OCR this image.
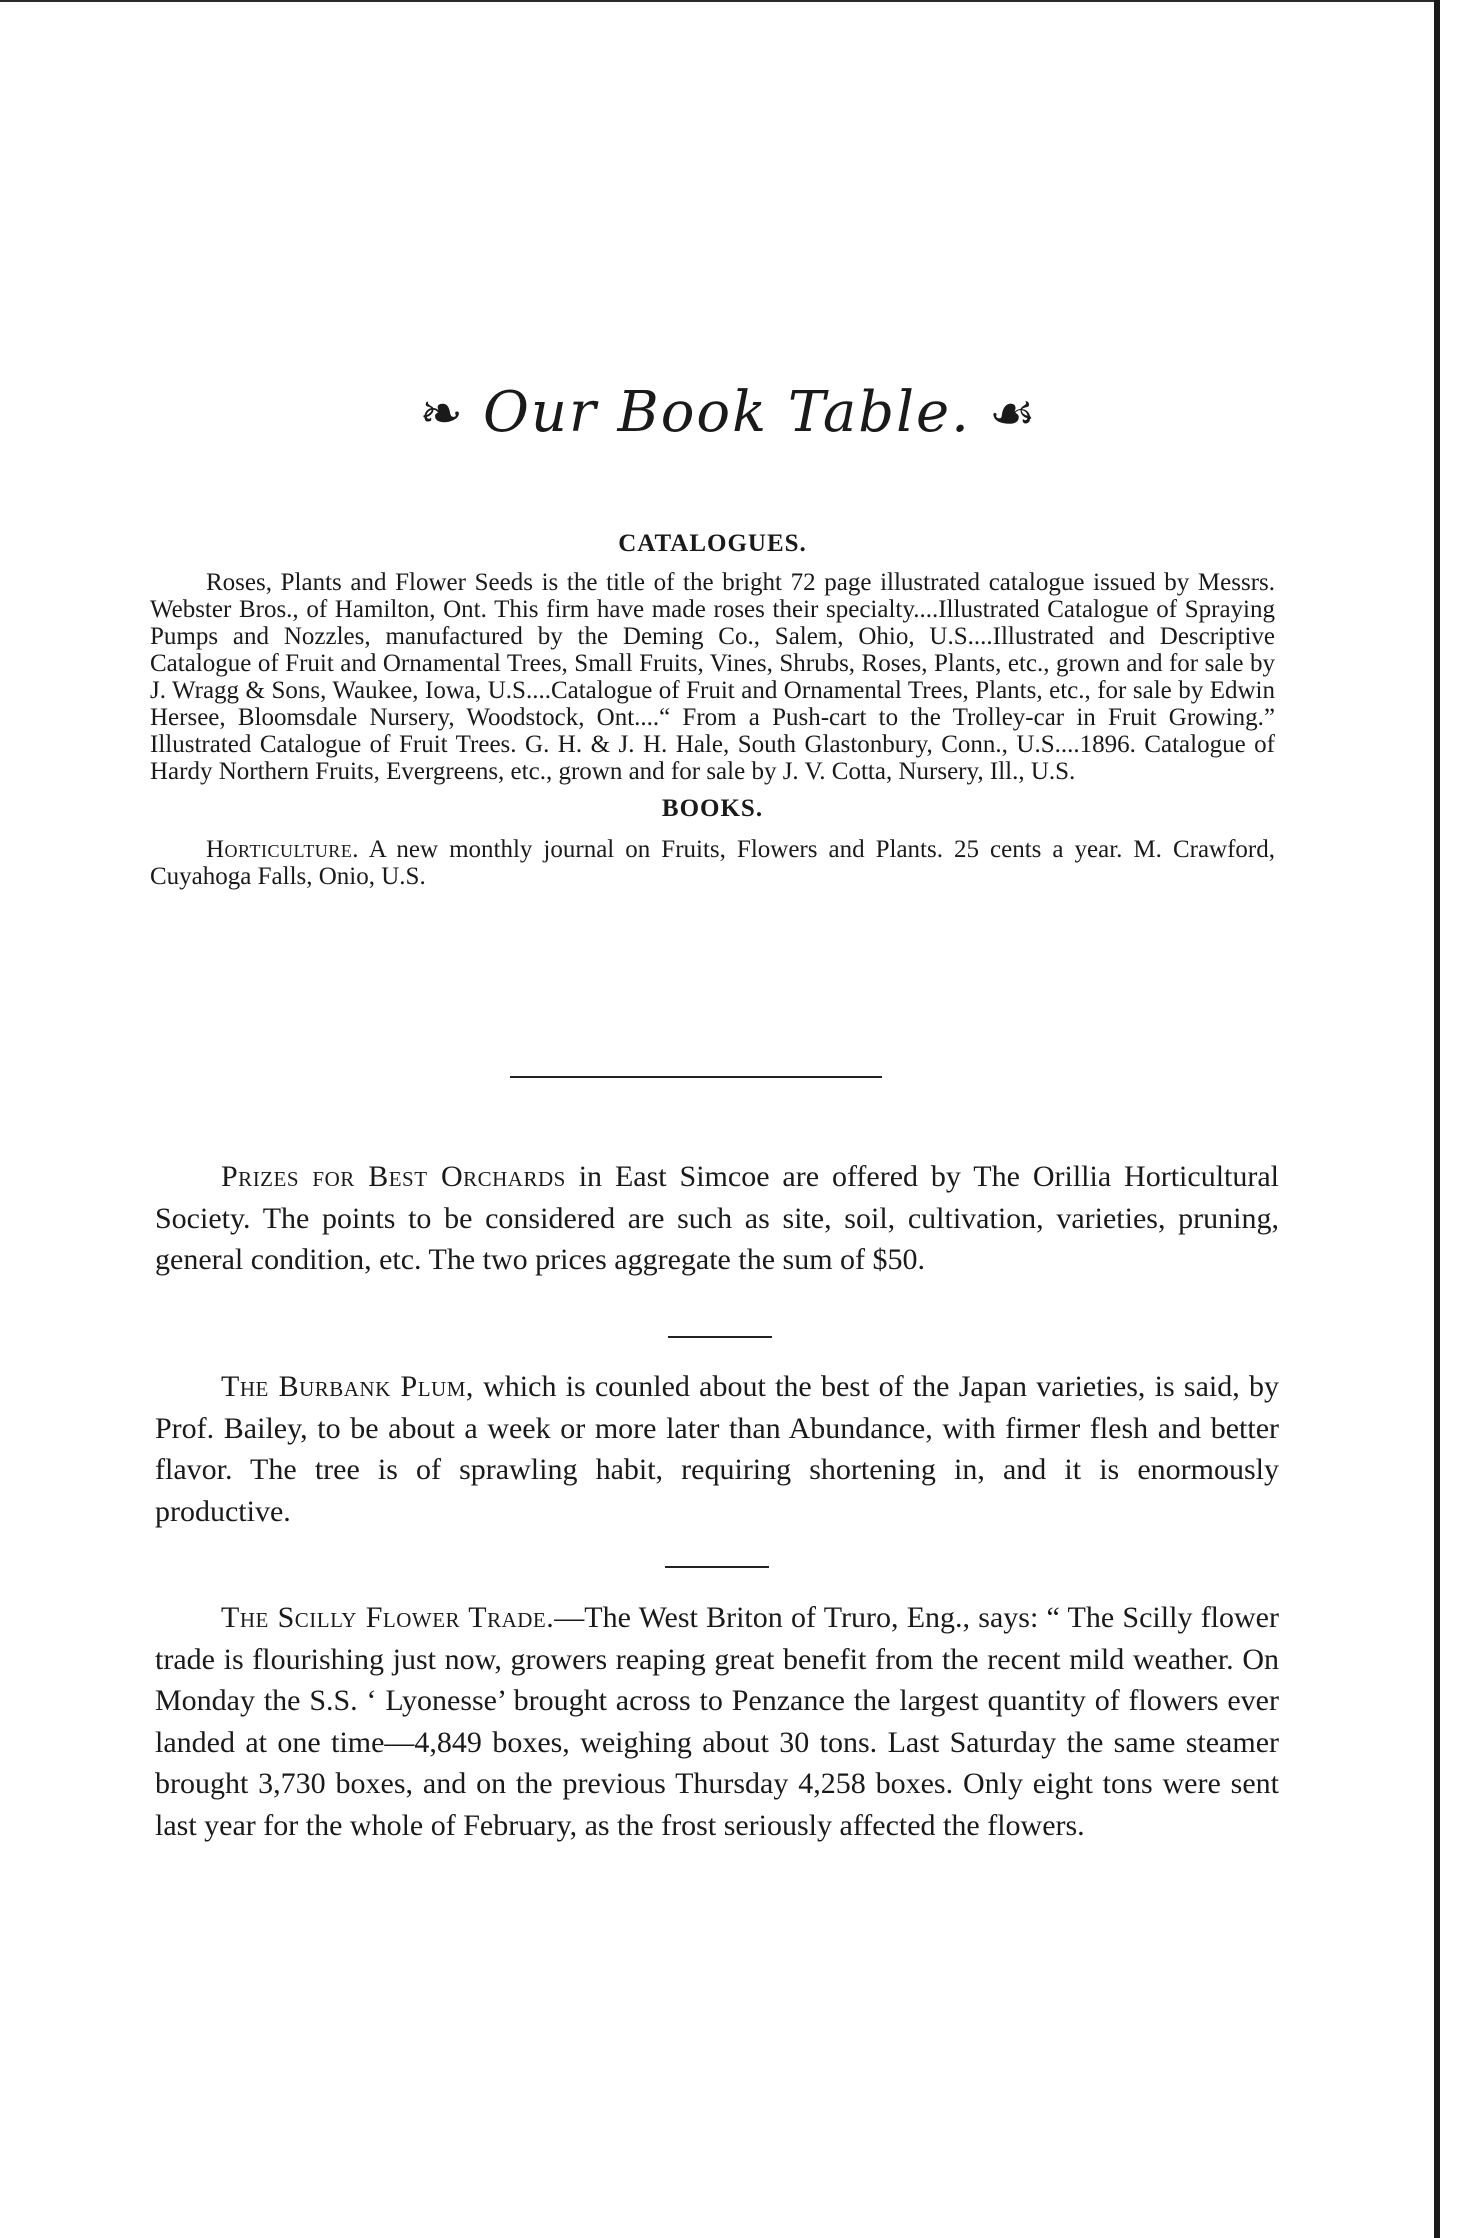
❧ Our Book Table. ☙
CATALOGUES.

Roses, Plants and Flower Seeds is the title of the bright 72 page illustrated catalogue issued by Messrs. Webster Bros., of Hamilton, Ont. This firm have made roses their specialty....Illustrated Catalogue of Spraying Pumps and Nozzles, manufactured by the Deming Co., Salem, Ohio, U.S....Illustrated and Descriptive Catalogue of Fruit and Ornamental Trees, Small Fruits, Vines, Shrubs, Roses, Plants, etc., grown and for sale by J. Wragg & Sons, Waukee, Iowa, U.S....Catalogue of Fruit and Ornamental Trees, Plants, etc., for sale by Edwin Hersee, Bloomsdale Nursery, Woodstock, Ont....“ From a Push-cart to the Trolley-car in Fruit Growing.” Illustrated Catalogue of Fruit Trees. G. H. & J. H. Hale, South Glastonbury, Conn., U.S....1896. Catalogue of Hardy Northern Fruits, Evergreens, etc., grown and for sale by J. V. Cotta, Nursery, Ill., U.S.

BOOKS.

Horticulture. A new monthly journal on Fruits, Flowers and Plants. 25 cents a year. M. Crawford, Cuyahoga Falls, Onio, U.S.

Prizes for Best Orchards in East Simcoe are offered by The Orillia Horticultural Society. The points to be considered are such as site, soil, cultivation, varieties, pruning, general condition, etc. The two prices aggregate the sum of $50.

The Burbank Plum, which is counled about the best of the Japan varieties, is said, by Prof. Bailey, to be about a week or more later than Abundance, with firmer flesh and better flavor. The tree is of sprawling habit, requiring shortening in, and it is enormously productive.

The Scilly Flower Trade.—The West Briton of Truro, Eng., says: “ The Scilly flower trade is flourishing just now, growers reaping great benefit from the recent mild weather. On Monday the S.S. ‘ Lyonesse’ brought across to Penzance the largest quantity of flowers ever landed at one time—4,849 boxes, weighing about 30 tons. Last Saturday the same steamer brought 3,730 boxes, and on the previous Thursday 4,258 boxes. Only eight tons were sent last year for the whole of February, as the frost seriously affected the flowers.
